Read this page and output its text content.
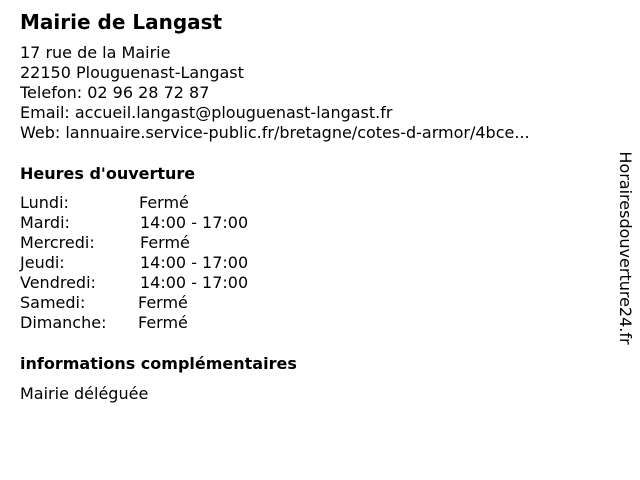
Mairie de Langast
17 rue de la Mairie
22150 Plouguenast-Langast
Telefon: 02 96 28 72 87
Email: accueil.langast@plouguenast-langast.fr
Web: lannuaire.service-public.fr/bretagne/cotes-d-armor/4bce...
Heures d'ouverture
Lundi:	Fermé
Mardi:	14:00 - 17:00
Mercredi:	Fermé
Jeudi:	14:00 - 17:00
Vendredi:	14:00 - 17:00
Samedi:	Fermé
Dimanche: Fermé
informations complémentaires
Mairie déléguée
Horairesdouverture24.fr
